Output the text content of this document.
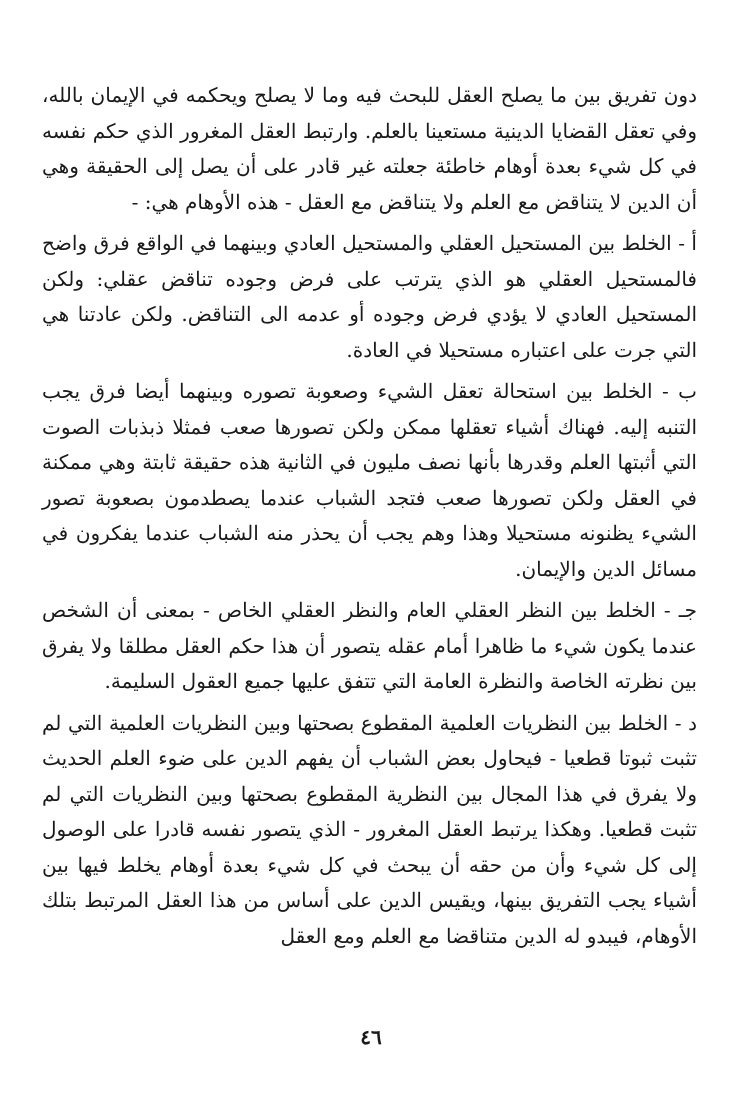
دون تفريق بين ما يصلح العقل للبحث فيه وما لا يصلح ويحكمه في الإيمان بالله، وفي تعقل القضايا الدينية مستعينا بالعلم. وارتبط العقل المغرور الذي حكم نفسه في كل شيء بعدة أوهام خاطئة جعلته غير قادر على أن يصل إلى الحقيقة وهي أن الدين لا يتناقض مع العلم ولا يتناقض مع العقل - هذه الأوهام هي: -

أ - الخلط بين المستحيل العقلي والمستحيل العادي وبينهما في الواقع فرق واضح فالمستحيل العقلي هو الذي يترتب على فرض وجوده تناقض عقلي: ولكن المستحيل العادي لا يؤدي فرض وجوده أو عدمه الى التناقض. ولكن عادتنا هي التي جرت على اعتباره مستحيلا في العادة.

ب - الخلط بين استحالة تعقل الشيء وصعوبة تصوره وبينهما أيضا فرق يجب التنبه إليه. فهناك أشياء تعقلها ممكن ولكن تصورها صعب فمثلا ذبذبات الصوت التي أثبتها العلم وقدرها بأنها نصف مليون في الثانية هذه حقيقة ثابتة وهي ممكنة في العقل ولكن تصورها صعب فتجد الشباب عندما يصطدمون بصعوبة تصور الشيء يظنونه مستحيلا وهذا وهم يجب أن يحذر منه الشباب عندما يفكرون في مسائل الدين والإيمان.

جـ - الخلط بين النظر العقلي العام والنظر العقلي الخاص - بمعنى أن الشخص عندما يكون شيء ما ظاهرا أمام عقله يتصور أن هذا حكم العقل مطلقا ولا يفرق بين نظرته الخاصة والنظرة العامة التي تتفق عليها جميع العقول السليمة.

د - الخلط بين النظريات العلمية المقطوع بصحتها وبين النظريات العلمية التي لم تثبت ثبوتا قطعيا - فيحاول بعض الشباب أن يفهم الدين على ضوء العلم الحديث ولا يفرق في هذا المجال بين النظرية المقطوع بصحتها وبين النظريات التي لم تثبت قطعيا. وهكذا يرتبط العقل المغرور - الذي يتصور نفسه قادرا على الوصول إلى كل شيء وأن من حقه أن يبحث في كل شيء بعدة أوهام يخلط فيها بين أشياء يجب التفريق بينها، ويقيس الدين على أساس من هذا العقل المرتبط بتلك الأوهام، فيبدو له الدين متناقضا مع العلم ومع العقل

٤٦
